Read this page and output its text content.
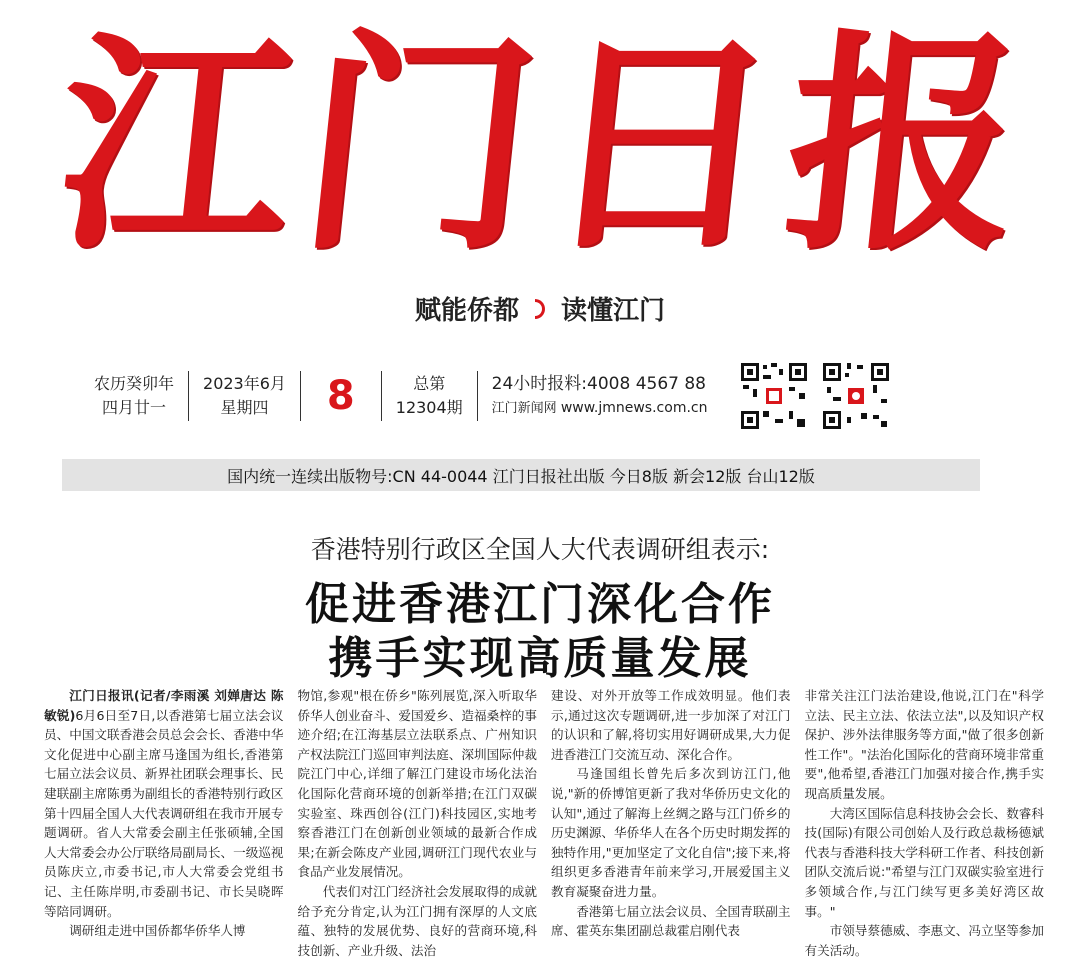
江
门
日
报
赋能侨都 读懂江门
农历癸卯年
四月廿一
2023年6月
星期四	8	总第
12304期
24小时报料:4008 4567 88
江门新闻网 www.jmnews.com.cn
国内统一连续出版物号:CN 44-0044 江门日报社出版 今日8版 新会12版 台山12版
香港特别行政区全国人大代表调研组表示:
促进香港江门深化合作
携手实现高质量发展

江门日报讯(记者/李雨溪 刘婵唐达 陈敏锐)6月6日至7日,以香港第七届立法会议员、中国文联香港会员总会会长、香港中华文化促进中心副主席马逢国为组长,香港第七届立法会议员、新界社团联会理事长、民建联副主席陈勇为副组长的香港特别行政区第十四届全国人大代表调研组在我市开展专题调研。省人大常委会副主任张硕辅,全国人大常委会办公厅联络局副局长、一级巡视员陈庆立,市委书记,市人大常委会党组书记、主任陈岸明,市委副书记、市长吴晓晖等陪同调研。

调研组走进中国侨都华侨华人博

物馆,参观"根在侨乡"陈列展览,深入听取华侨华人创业奋斗、爱国爱乡、造福桑梓的事迹介绍;在江海基层立法联系点、广州知识产权法院江门巡回审判法庭、深圳国际仲裁院江门中心,详细了解江门建设市场化法治化国际化营商环境的创新举措;在江门双碳实验室、珠西创谷(江门)科技园区,实地考察香港江门在创新创业领域的最新合作成果;在新会陈皮产业园,调研江门现代农业与食品产业发展情况。

代表们对江门经济社会发展取得的成就给予充分肯定,认为江门拥有深厚的人文底蕴、独特的发展优势、良好的营商环境,科技创新、产业升级、法治

建设、对外开放等工作成效明显。他们表示,通过这次专题调研,进一步加深了对江门的认识和了解,将切实用好调研成果,大力促进香港江门交流互动、深化合作。

马逢国组长曾先后多次到访江门,他说,"新的侨博馆更新了我对华侨历史文化的认知",通过了解海上丝绸之路与江门侨乡的历史渊源、华侨华人在各个历史时期发挥的独特作用,"更加坚定了文化自信";接下来,将组织更多香港青年前来学习,开展爱国主义教育凝聚奋进力量。

香港第七届立法会议员、全国青联副主席、霍英东集团副总裁霍启刚代表

非常关注江门法治建设,他说,江门在"科学立法、民主立法、依法立法",以及知识产权保护、涉外法律服务等方面,"做了很多创新性工作"。"法治化国际化的营商环境非常重要",他希望,香港江门加强对接合作,携手实现高质量发展。

大湾区国际信息科技协会会长、数睿科技(国际)有限公司创始人及行政总裁杨德斌代表与香港科技大学科研工作者、科技创新团队交流后说:"希望与江门双碳实验室进行多领域合作,与江门续写更多美好湾区故事。"

市领导蔡德威、李惠文、冯立坚等参加有关活动。
